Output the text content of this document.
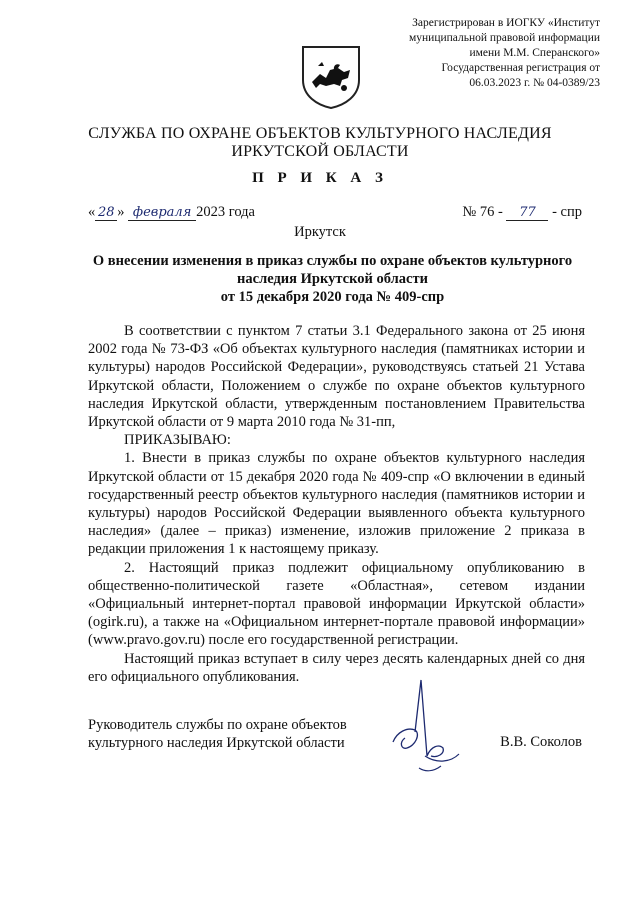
Зарегистрирован в ИОГКУ «Институт
муниципальной правовой информации
имени М.М. Сперанского»
Государственная регистрация от
06.03.2023 г. № 04-0389/23
СЛУЖБА ПО ОХРАНЕ ОБЪЕКТОВ КУЛЬТУРНОГО НАСЛЕДИЯ
ИРКУТСКОЙ ОБЛАСТИ
П Р И К А З
« 28 » февраля 2023 года	№ 76 - 77 - спр
Иркутск
О внесении изменения в приказ службы по охране объектов культурного
наследия Иркутской области
от 15 декабря 2020 года № 409-спр

В соответствии с пунктом 7 статьи 3.1 Федерального закона от 25 июня 2002 года № 73-ФЗ «Об объектах культурного наследия (памятниках истории и культуры) народов Российской Федерации», руководствуясь статьей 21 Устава Иркутской области, Положением о службе по охране объектов культурного наследия Иркутской области, утвержденным постановлением Правительства Иркутской области от 9 марта 2010 года № 31-пп,

ПРИКАЗЫВАЮ:

1. Внести в приказ службы по охране объектов культурного наследия Иркутской области от 15 декабря 2020 года № 409-спр «О включении в единый государственный реестр объектов культурного наследия (памятников истории и культуры) народов Российской Федерации выявленного объекта культурного наследия» (далее – приказ) изменение, изложив приложение 2 приказа в редакции приложения 1 к настоящему приказу.

2. Настоящий приказ подлежит официальному опубликованию в общественно-политической газете «Областная», сетевом издании «Официальный интернет-портал правовой информации Иркутской области» (ogirk.ru), а также на «Официальном интернет-портале правовой информации» (www.pravo.gov.ru) после его государственной регистрации.

Настоящий приказ вступает в силу через десять календарных дней со дня его официального опубликования.

Руководитель службы по охране объектов
культурного наследия Иркутской области	В.В. Соколов
